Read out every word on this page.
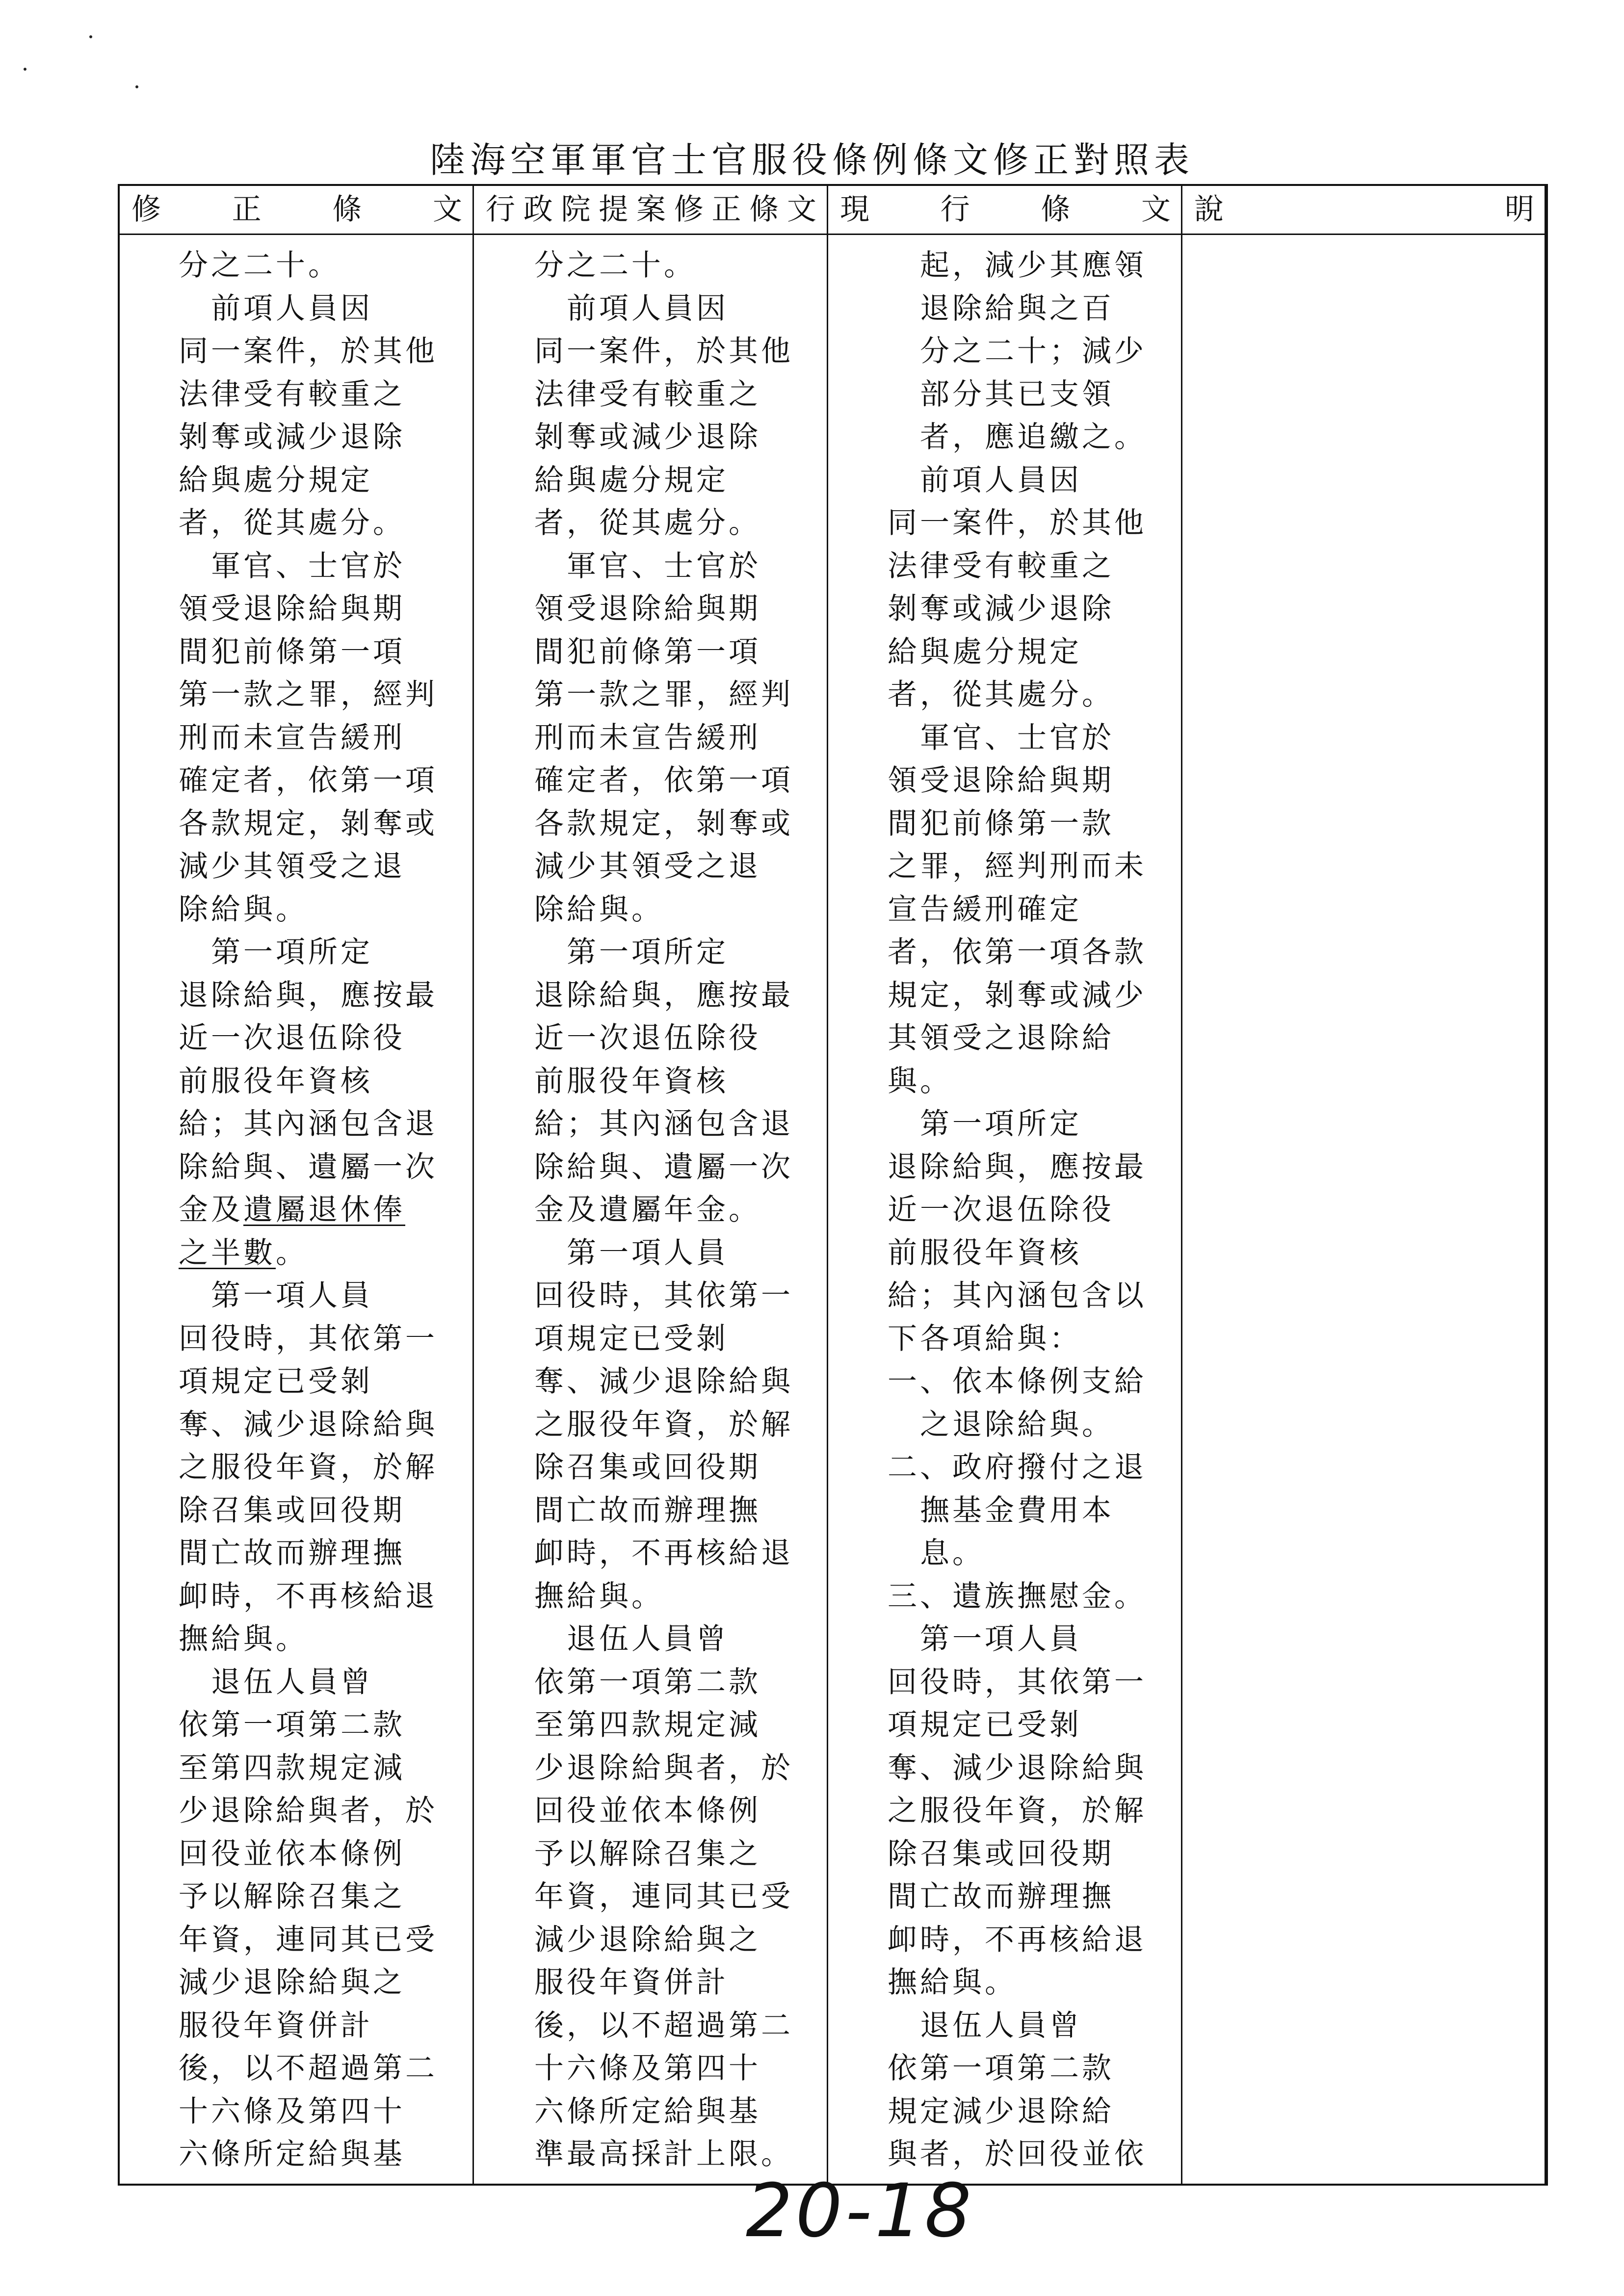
陸海空軍軍官士官服役條例條文修正對照表
修 正 條 文 行 政 院 提 案 修 正 條 文 現 行 條 文 說	明
分之二十。
　前項人員因
同一案件，於其他
法律受有較重之
剝奪或減少退除
給與處分規定
者，從其處分。
　軍官、士官於
領受退除給與期
間犯前條第一項
第一款之罪，經判
刑而未宣告緩刑
確定者，依第一項
各款規定，剝奪或
減少其領受之退
除給與。
　第一項所定
退除給與，應按最
近一次退伍除役
前服役年資核
給；其內涵包含退
除給與、遺屬一次
金及遺屬退休俸
之半數。
　第一項人員
回役時，其依第一
項規定已受剝
奪、減少退除給與
之服役年資，於解
除召集或回役期
間亡故而辦理撫
卹時，不再核給退
撫給與。
　退伍人員曾
依第一項第二款
至第四款規定減
少退除給與者，於
回役並依本條例
予以解除召集之
年資，連同其已受
減少退除給與之
服役年資併計
後，以不超過第二
十六條及第四十
六條所定給與基
分之二十。
　前項人員因
同一案件，於其他
法律受有較重之
剝奪或減少退除
給與處分規定
者，從其處分。
　軍官、士官於
領受退除給與期
間犯前條第一項
第一款之罪，經判
刑而未宣告緩刑
確定者，依第一項
各款規定，剝奪或
減少其領受之退
除給與。
　第一項所定
退除給與，應按最
近一次退伍除役
前服役年資核
給；其內涵包含退
除給與、遺屬一次
金及遺屬年金。
　第一項人員
回役時，其依第一
項規定已受剝
奪、減少退除給與
之服役年資，於解
除召集或回役期
間亡故而辦理撫
卹時，不再核給退
撫給與。
　退伍人員曾
依第一項第二款
至第四款規定減
少退除給與者，於
回役並依本條例
予以解除召集之
年資，連同其已受
減少退除給與之
服役年資併計
後，以不超過第二
十六條及第四十
六條所定給與基
準最高採計上限。
　起，減少其應領
　退除給與之百
　分之二十；減少
　部分其已支領
　者，應追繳之。
　前項人員因
同一案件，於其他
法律受有較重之
剝奪或減少退除
給與處分規定
者，從其處分。
　軍官、士官於
領受退除給與期
間犯前條第一款
之罪，經判刑而未
宣告緩刑確定
者，依第一項各款
規定，剝奪或減少
其領受之退除給
與。
　第一項所定
退除給與，應按最
近一次退伍除役
前服役年資核
給；其內涵包含以
下各項給與：
一、依本條例支給
　之退除給與。
二、政府撥付之退
　撫基金費用本
　息。
三、遺族撫慰金。
　第一項人員
回役時，其依第一
項規定已受剝
奪、減少退除給與
之服役年資，於解
除召集或回役期
間亡故而辦理撫
卹時，不再核給退
撫給與。
　退伍人員曾
依第一項第二款
規定減少退除給
與者，於回役並依
20-18
